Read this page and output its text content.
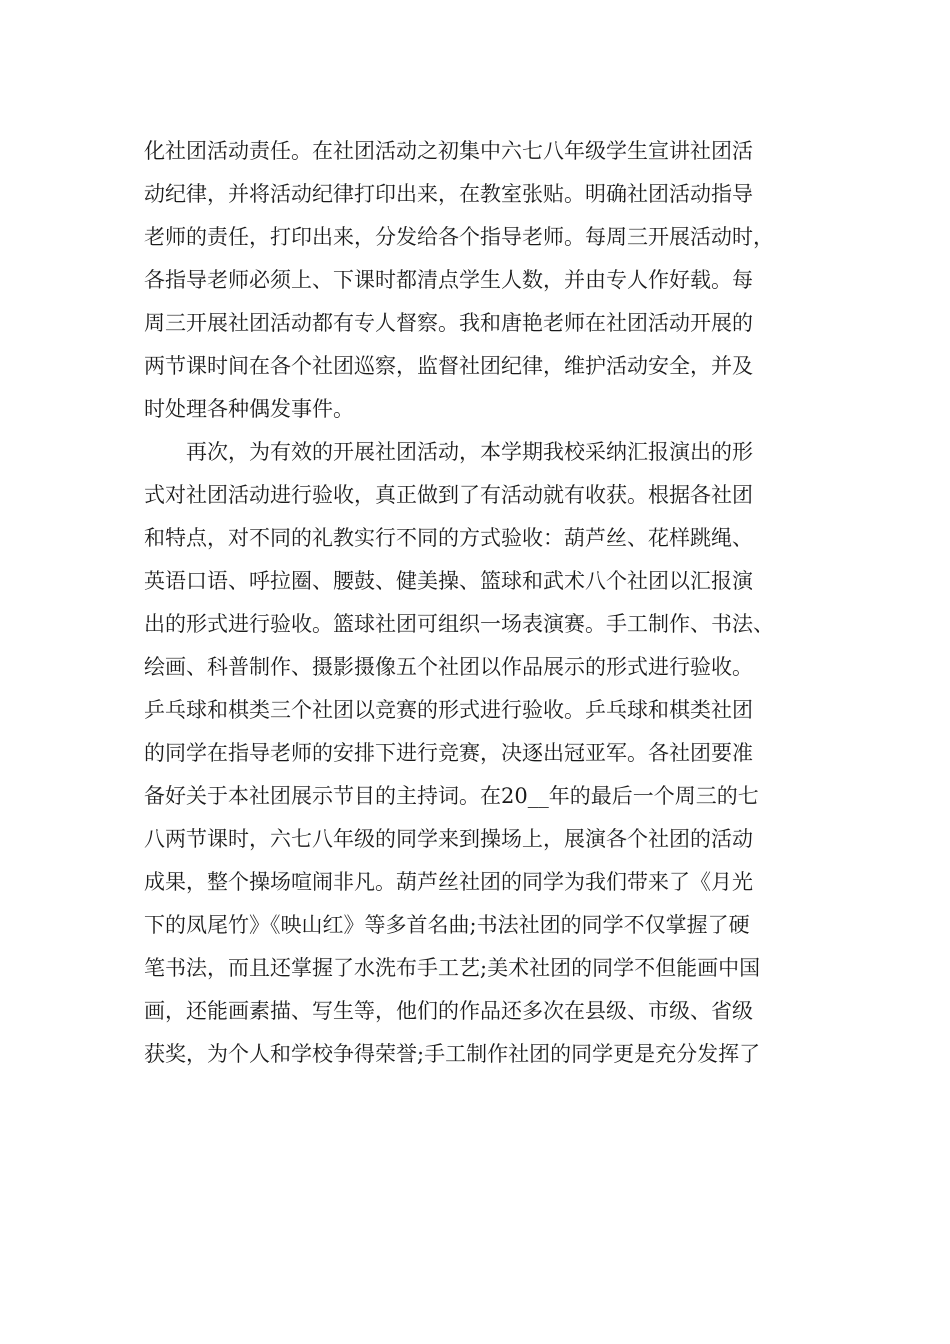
化社团活动责任。在社团活动之初集中六七八年级学生宣讲社团活
动纪律，并将活动纪律打印出来，在教室张贴。明确社团活动指导
老师的责任，打印出来，分发给各个指导老师。每周三开展活动时，
各指导老师必须上、下课时都清点学生人数，并由专人作好载。每
周三开展社团活动都有专人督察。我和唐艳老师在社团活动开展的
两节课时间在各个社团巡察，监督社团纪律，维护活动安全，并及
时处理各种偶发事件。
　　再次，为有效的开展社团活动，本学期我校采纳汇报演出的形
式对社团活动进行验收，真正做到了有活动就有收获。根据各社团
和特点，对不同的礼教实行不同的方式验收：葫芦丝、花样跳绳、
英语口语、呼拉圈、腰鼓、健美操、篮球和武术八个社团以汇报演
出的形式进行验收。篮球社团可组织一场表演赛。手工制作、书法、
绘画、科普制作、摄影摄像五个社团以作品展示的形式进行验收。
乒乓球和棋类三个社团以竞赛的形式进行验收。乒乓球和棋类社团
的同学在指导老师的安排下进行竞赛，决逐出冠亚军。各社团要准
备好关于本社团展示节目的主持词。在20__年的最后一个周三的七
八两节课时，六七八年级的同学来到操场上，展演各个社团的活动
成果，整个操场喧闹非凡。葫芦丝社团的同学为我们带来了《月光
下的凤尾竹》《映山红》等多首名曲;书法社团的同学不仅掌握了硬
笔书法，而且还掌握了水洗布手工艺;美术社团的同学不但能画中国
画，还能画素描、写生等，他们的作品还多次在县级、市级、省级
获奖，为个人和学校争得荣誉;手工制作社团的同学更是充分发挥了
